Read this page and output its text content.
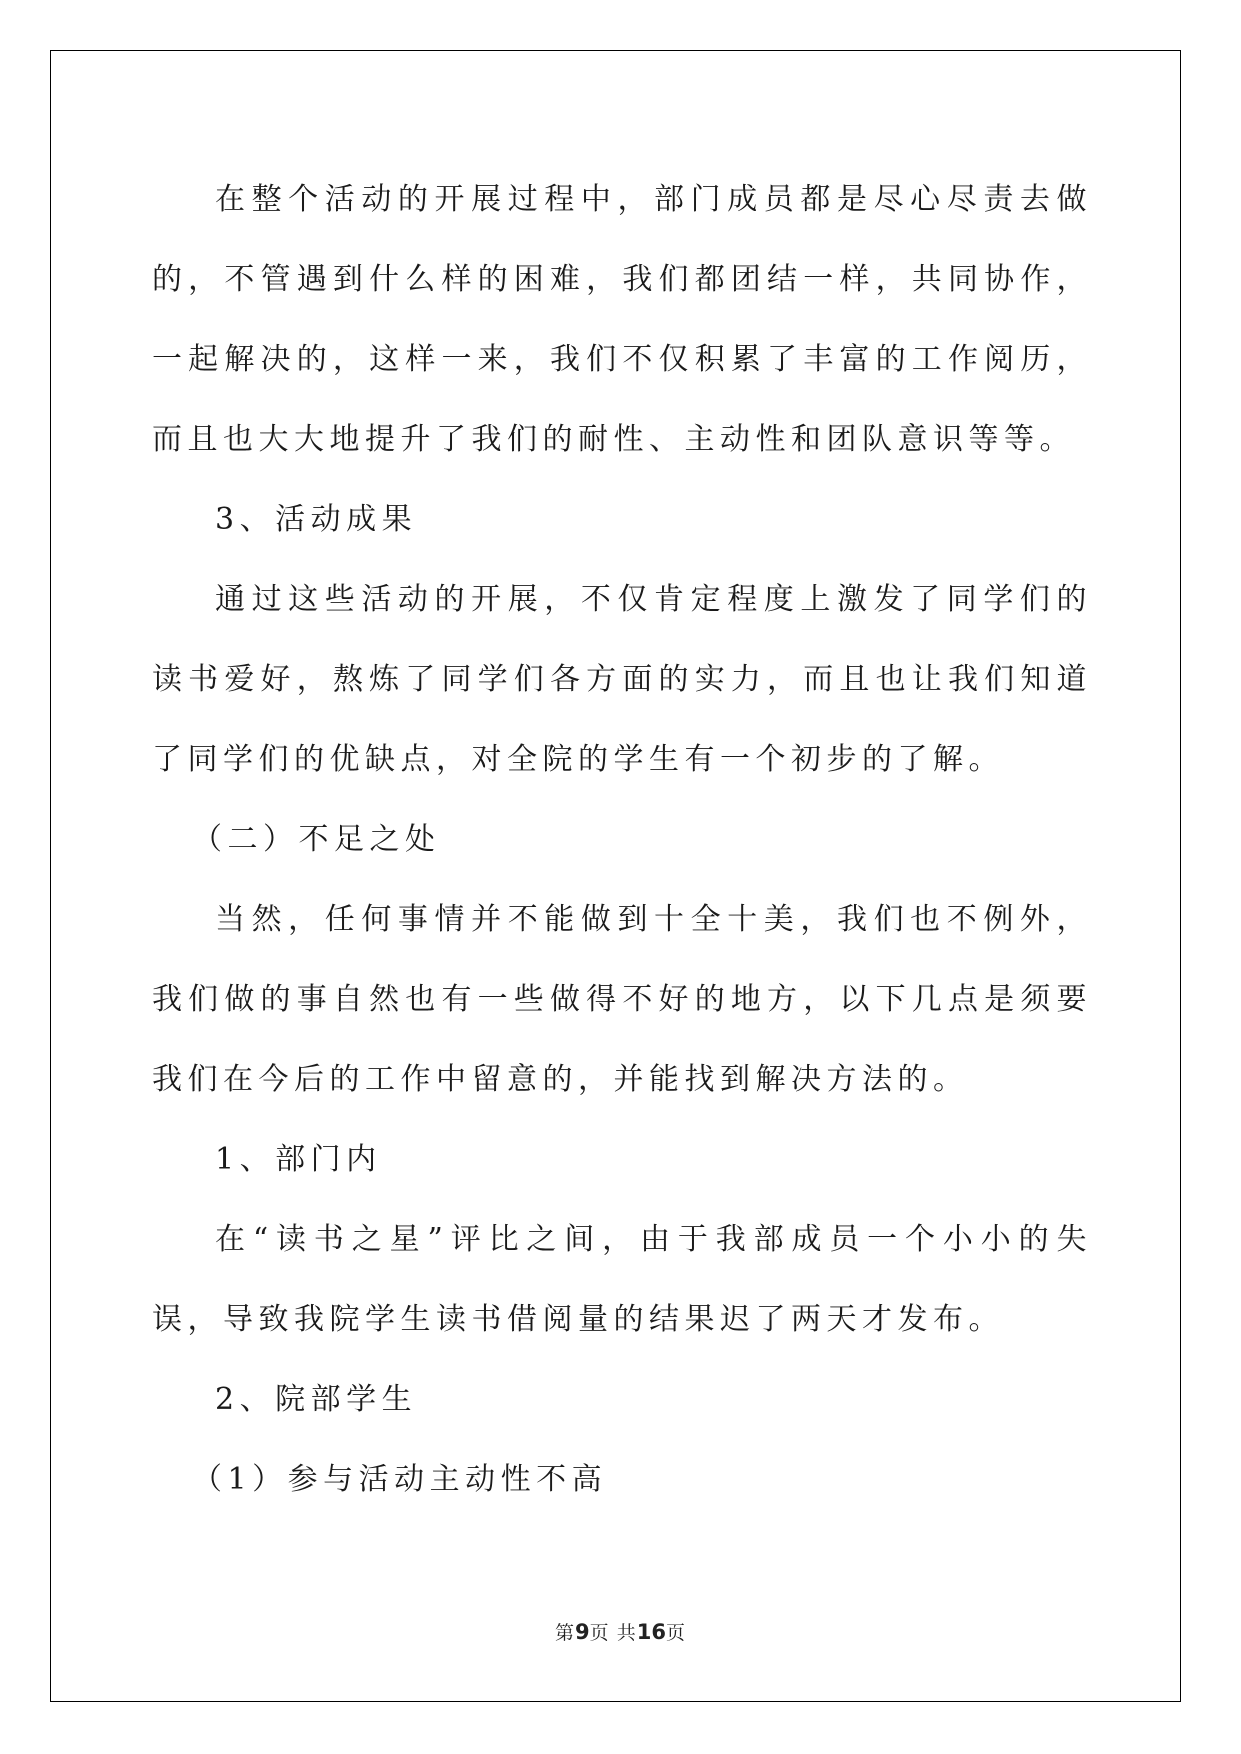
在整个活动的开展过程中，部门成员都是尽心尽责去做的，不管遇到什么样的困难，我们都团结一样，共同协作，一起解决的，这样一来，我们不仅积累了丰富的工作阅历，而且也大大地提升了我们的耐性、主动性和团队意识等等。

3、活动成果

通过这些活动的开展，不仅肯定程度上激发了同学们的读书爱好，熬炼了同学们各方面的实力，而且也让我们知道了同学们的优缺点，对全院的学生有一个初步的了解。

（二）不足之处

当然，任何事情并不能做到十全十美，我们也不例外，我们做的事自然也有一些做得不好的地方，以下几点是须要我们在今后的工作中留意的，并能找到解决方法的。

1、部门内

在“读书之星”评比之间，由于我部成员一个小小的失误，导致我院学生读书借阅量的结果迟了两天才发布。

2、院部学生

（1）参与活动主动性不高

第9页 共16页
